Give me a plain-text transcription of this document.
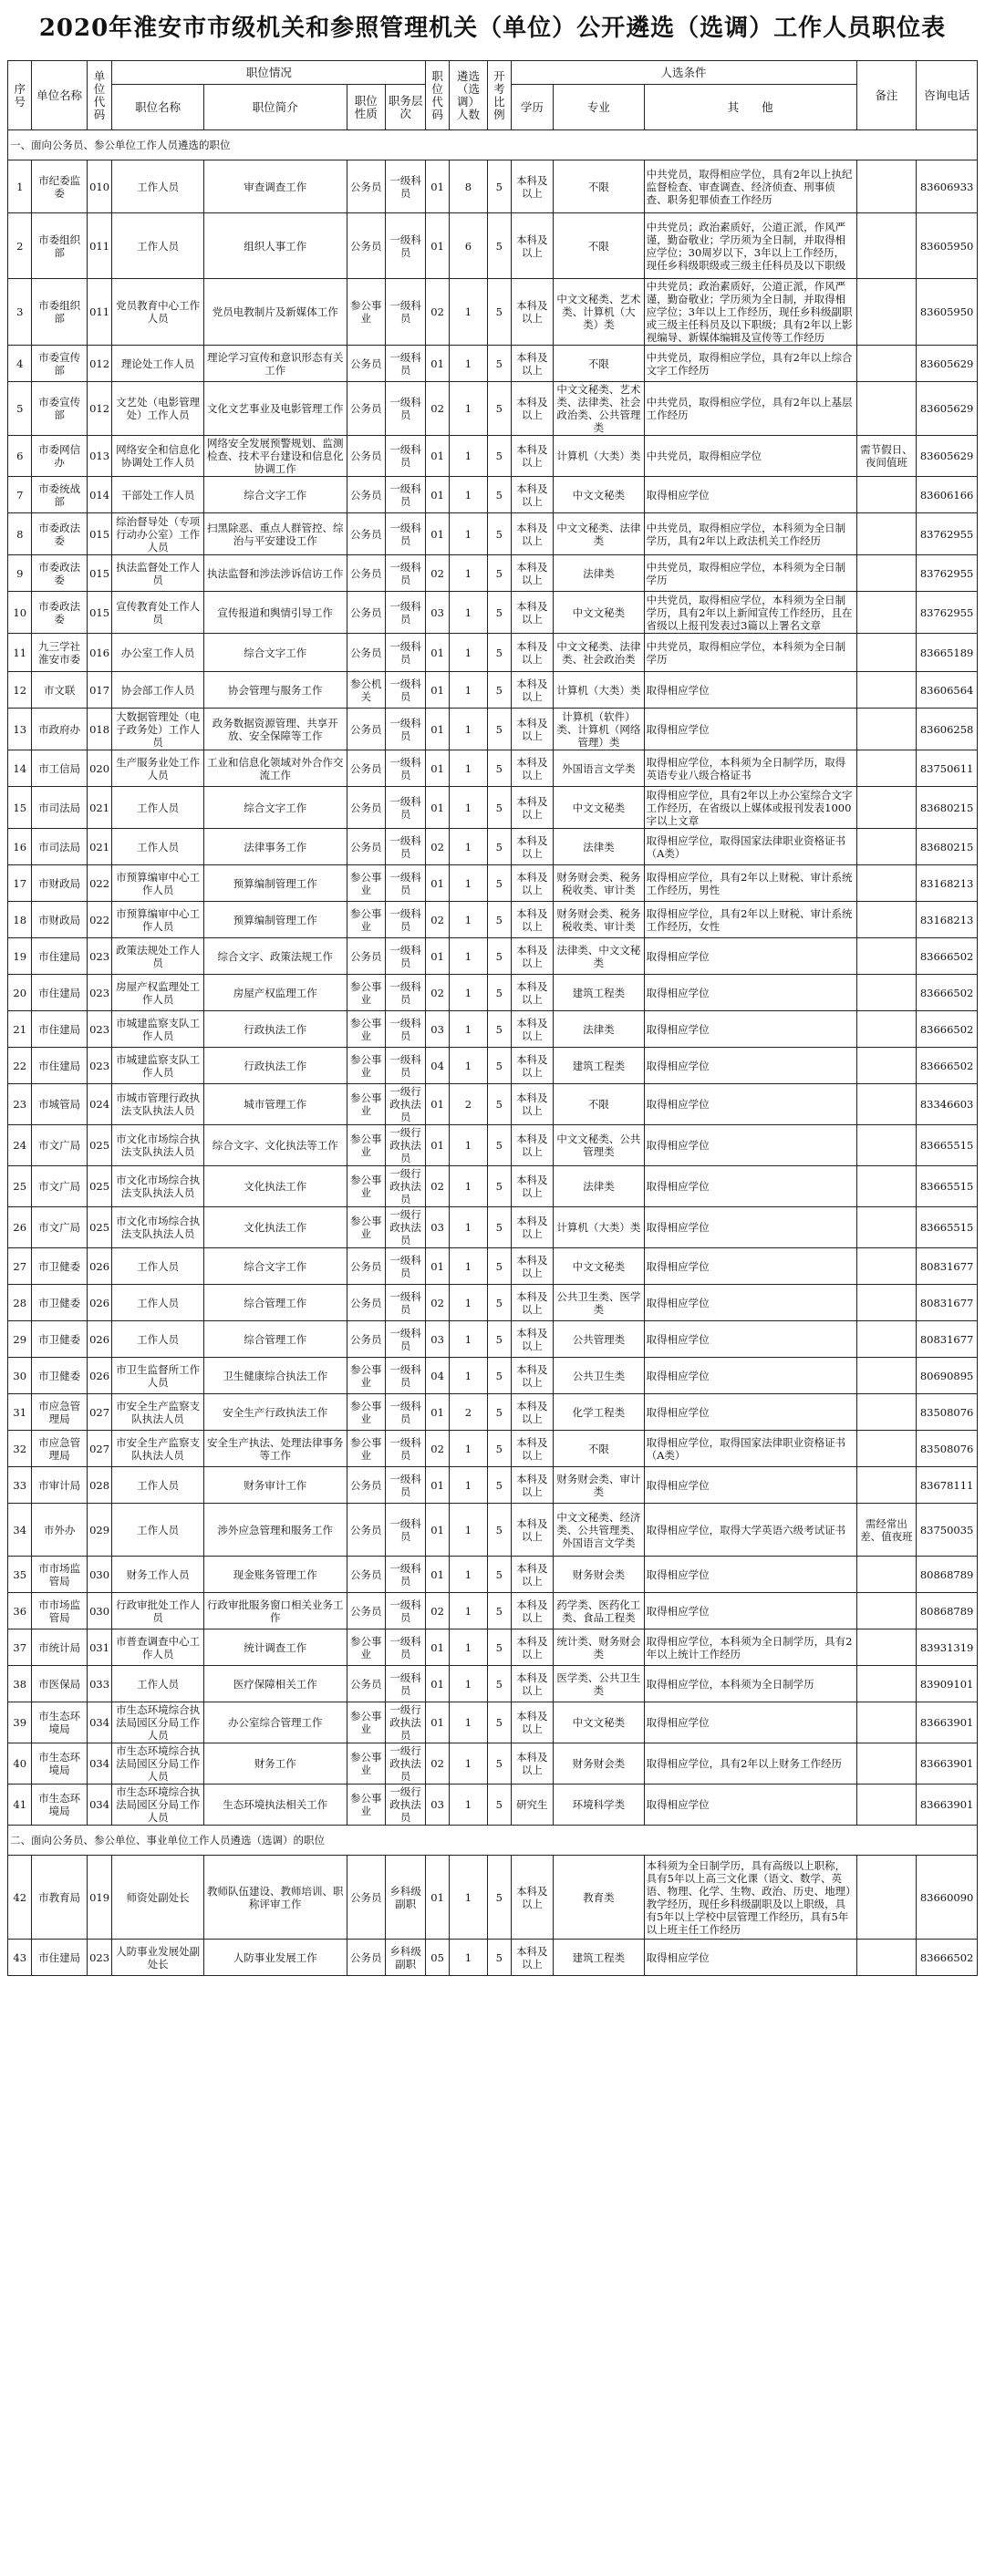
2020年淮安市市级机关和参照管理机关（单位）公开遴选（选调）工作人员职位表
序号	单位名称	单位代码	职位情况				职位代码	遴选（选调）人数	开考比例	人选条件			备注	咨询电话
			职位名称	职位简介	职位性质	职务层次				学历	专业	其　　他		
一、面向公务员、参公单位工作人员遴选的职位														
1	市纪委监委	010	工作人员	审查调查工作	公务员	一级科员	01	8	5	本科及以上	不限	中共党员，取得相应学位，具有2年以上执纪监督检查、审查调查、经济侦查、刑事侦查、职务犯罪侦查工作经历		83606933
2	市委组织部	011	工作人员	组织人事工作	公务员	一级科员	01	6	5	本科及以上	不限	中共党员；政治素质好，公道正派，作风严谨，勤奋敬业；学历须为全日制，并取得相应学位；30周岁以下，3年以上工作经历，现任乡科级职级或三级主任科员及以下职级		83605950
3	市委组织部	011	党员教育中心工作人员	党员电教制片及新媒体工作	参公事业	一级科员	02	1	5	本科及以上	中文文秘类、艺术类、计算机（大类）类	中共党员；政治素质好，公道正派，作风严谨，勤奋敬业；学历须为全日制，并取得相应学位；3年以上工作经历，现任乡科级副职或三级主任科员及以下职级；具有2年以上影视编导、新媒体编辑及宣传等工作经历		83605950
4	市委宣传部	012	理论处工作人员	理论学习宣传和意识形态有关工作	公务员	一级科员	01	1	5	本科及以上	不限	中共党员，取得相应学位，具有2年以上综合文字工作经历		83605629
5	市委宣传部	012	文艺处（电影管理处）工作人员	文化文艺事业及电影管理工作	公务员	一级科员	02	1	5	本科及以上	中文文秘类、艺术类、法律类、社会政治类、公共管理类	中共党员，取得相应学位，具有2年以上基层工作经历		83605629
6	市委网信办	013	网络安全和信息化协调处工作人员	网络安全发展预警规划、监测检查、技术平台建设和信息化协调工作	公务员	一级科员	01	1	5	本科及以上	计算机（大类）类	中共党员，取得相应学位	需节假日、夜间值班	83605629
7	市委统战部	014	干部处工作人员	综合文字工作	公务员	一级科员	01	1	5	本科及以上	中文文秘类	取得相应学位		83606166
8	市委政法委	015	综治督导处（专项行动办公室）工作人员	扫黑除恶、重点人群管控、综治与平安建设工作	公务员	一级科员	01	1	5	本科及以上	中文文秘类、法律类	中共党员，取得相应学位，本科须为全日制学历，具有2年以上政法机关工作经历		83762955
9	市委政法委	015	执法监督处工作人员	执法监督和涉法涉诉信访工作	公务员	一级科员	02	1	5	本科及以上	法律类	中共党员，取得相应学位，本科须为全日制学历		83762955
10	市委政法委	015	宣传教育处工作人员	宣传报道和舆情引导工作	公务员	一级科员	03	1	5	本科及以上	中文文秘类	中共党员，取得相应学位，本科须为全日制学历，具有2年以上新闻宣传工作经历，且在省级以上报刊发表过3篇以上署名文章		83762955
11	九三学社淮安市委	016	办公室工作人员	综合文字工作	公务员	一级科员	01	1	5	本科及以上	中文文秘类、法律类、社会政治类	中共党员，取得相应学位，本科须为全日制学历		83665189
12	市文联	017	协会部工作人员	协会管理与服务工作	参公机关	一级科员	01	1	5	本科及以上	计算机（大类）类	取得相应学位		83606564
13	市政府办	018	大数据管理处（电子政务处）工作人员	政务数据资源管理、共享开放、安全保障等工作	公务员	一级科员	01	1	5	本科及以上	计算机（软件）类、计算机（网络管理）类	取得相应学位		83606258
14	市工信局	020	生产服务业处工作人员	工业和信息化领域对外合作交流工作	公务员	一级科员	01	1	5	本科及以上	外国语言文学类	取得相应学位，本科须为全日制学历，取得英语专业八级合格证书		83750611
15	市司法局	021	工作人员	综合文字工作	公务员	一级科员	01	1	5	本科及以上	中文文秘类	取得相应学位，具有2年以上办公室综合文字工作经历，在省级以上媒体或报刊发表1000字以上文章		83680215
16	市司法局	021	工作人员	法律事务工作	公务员	一级科员	02	1	5	本科及以上	法律类	取得相应学位，取得国家法律职业资格证书（A类）		83680215
17	市财政局	022	市预算编审中心工作人员	预算编制管理工作	参公事业	一级科员	01	1	5	本科及以上	财务财会类、税务税收类、审计类	取得相应学位，具有2年以上财税、审计系统工作经历，男性		83168213
18	市财政局	022	市预算编审中心工作人员	预算编制管理工作	参公事业	一级科员	02	1	5	本科及以上	财务财会类、税务税收类、审计类	取得相应学位，具有2年以上财税、审计系统工作经历，女性		83168213
19	市住建局	023	政策法规处工作人员	综合文字、政策法规工作	公务员	一级科员	01	1	5	本科及以上	法律类、中文文秘类	取得相应学位		83666502
20	市住建局	023	房屋产权监理处工作人员	房屋产权监理工作	参公事业	一级科员	02	1	5	本科及以上	建筑工程类	取得相应学位		83666502
21	市住建局	023	市城建监察支队工作人员	行政执法工作	参公事业	一级科员	03	1	5	本科及以上	法律类	取得相应学位		83666502
22	市住建局	023	市城建监察支队工作人员	行政执法工作	参公事业	一级科员	04	1	5	本科及以上	建筑工程类	取得相应学位		83666502
23	市城管局	024	市城市管理行政执法支队执法人员	城市管理工作	参公事业	一级行政执法员	01	2	5	本科及以上	不限	取得相应学位		83346603
24	市文广局	025	市文化市场综合执法支队执法人员	综合文字、文化执法等工作	参公事业	一级行政执法员	01	1	5	本科及以上	中文文秘类、公共管理类	取得相应学位		83665515
25	市文广局	025	市文化市场综合执法支队执法人员	文化执法工作	参公事业	一级行政执法员	02	1	5	本科及以上	法律类	取得相应学位		83665515
26	市文广局	025	市文化市场综合执法支队执法人员	文化执法工作	参公事业	一级行政执法员	03	1	5	本科及以上	计算机（大类）类	取得相应学位		83665515
27	市卫健委	026	工作人员	综合文字工作	公务员	一级科员	01	1	5	本科及以上	中文文秘类	取得相应学位		80831677
28	市卫健委	026	工作人员	综合管理工作	公务员	一级科员	02	1	5	本科及以上	公共卫生类、医学类	取得相应学位		80831677
29	市卫健委	026	工作人员	综合管理工作	公务员	一级科员	03	1	5	本科及以上	公共管理类	取得相应学位		80831677
30	市卫健委	026	市卫生监督所工作人员	卫生健康综合执法工作	参公事业	一级科员	04	1	5	本科及以上	公共卫生类	取得相应学位		80690895
31	市应急管理局	027	市安全生产监察支队执法人员	安全生产行政执法工作	参公事业	一级科员	01	2	5	本科及以上	化学工程类	取得相应学位		83508076
32	市应急管理局	027	市安全生产监察支队执法人员	安全生产执法、处理法律事务等工作	参公事业	一级科员	02	1	5	本科及以上	不限	取得相应学位，取得国家法律职业资格证书（A类）		83508076
33	市审计局	028	工作人员	财务审计工作	公务员	一级科员	01	1	5	本科及以上	财务财会类、审计类	取得相应学位		83678111
34	市外办	029	工作人员	涉外应急管理和服务工作	公务员	一级科员	01	1	5	本科及以上	中文文秘类、经济类、公共管理类、外国语言文学类	取得相应学位，取得大学英语六级考试证书	需经常出差、值夜班	83750035
35	市市场监管局	030	财务工作人员	现金账务管理工作	公务员	一级科员	01	1	5	本科及以上	财务财会类	取得相应学位		80868789
36	市市场监管局	030	行政审批处工作人员	行政审批服务窗口相关业务工作	公务员	一级科员	02	1	5	本科及以上	药学类、医药化工类、食品工程类	取得相应学位		80868789
37	市统计局	031	市普查调查中心工作人员	统计调查工作	参公事业	一级科员	01	1	5	本科及以上	统计类、财务财会类	取得相应学位，本科须为全日制学历，具有2年以上统计工作经历		83931319
38	市医保局	033	工作人员	医疗保障相关工作	公务员	一级科员	01	1	5	本科及以上	医学类、公共卫生类	取得相应学位，本科须为全日制学历		83909101
39	市生态环境局	034	市生态环境综合执法局园区分局工作人员	办公室综合管理工作	参公事业	一级行政执法员	01	1	5	本科及以上	中文文秘类	取得相应学位		83663901
40	市生态环境局	034	市生态环境综合执法局园区分局工作人员	财务工作	参公事业	一级行政执法员	02	1	5	本科及以上	财务财会类	取得相应学位，具有2年以上财务工作经历		83663901
41	市生态环境局	034	市生态环境综合执法局园区分局工作人员	生态环境执法相关工作	参公事业	一级行政执法员	03	1	5	研究生	环境科学类	取得相应学位		83663901
二、面向公务员、参公单位、事业单位工作人员遴选（选调）的职位														
42	市教育局	019	师资处副处长	教师队伍建设、教师培训、职称评审工作	公务员	乡科级副职	01	1	5	本科及以上	教育类	本科须为全日制学历，具有高级以上职称，具有5年以上高三文化课（语文、数学、英语、物理、化学、生物、政治、历史、地理）教学经历，现任乡科级副职及以上职级，具有5年以上学校中层管理工作经历，具有5年以上班主任工作经历		83660090
43	市住建局	023	人防事业发展处副处长	人防事业发展工作	公务员	乡科级副职	05	1	5	本科及以上	建筑工程类	取得相应学位		83666502
